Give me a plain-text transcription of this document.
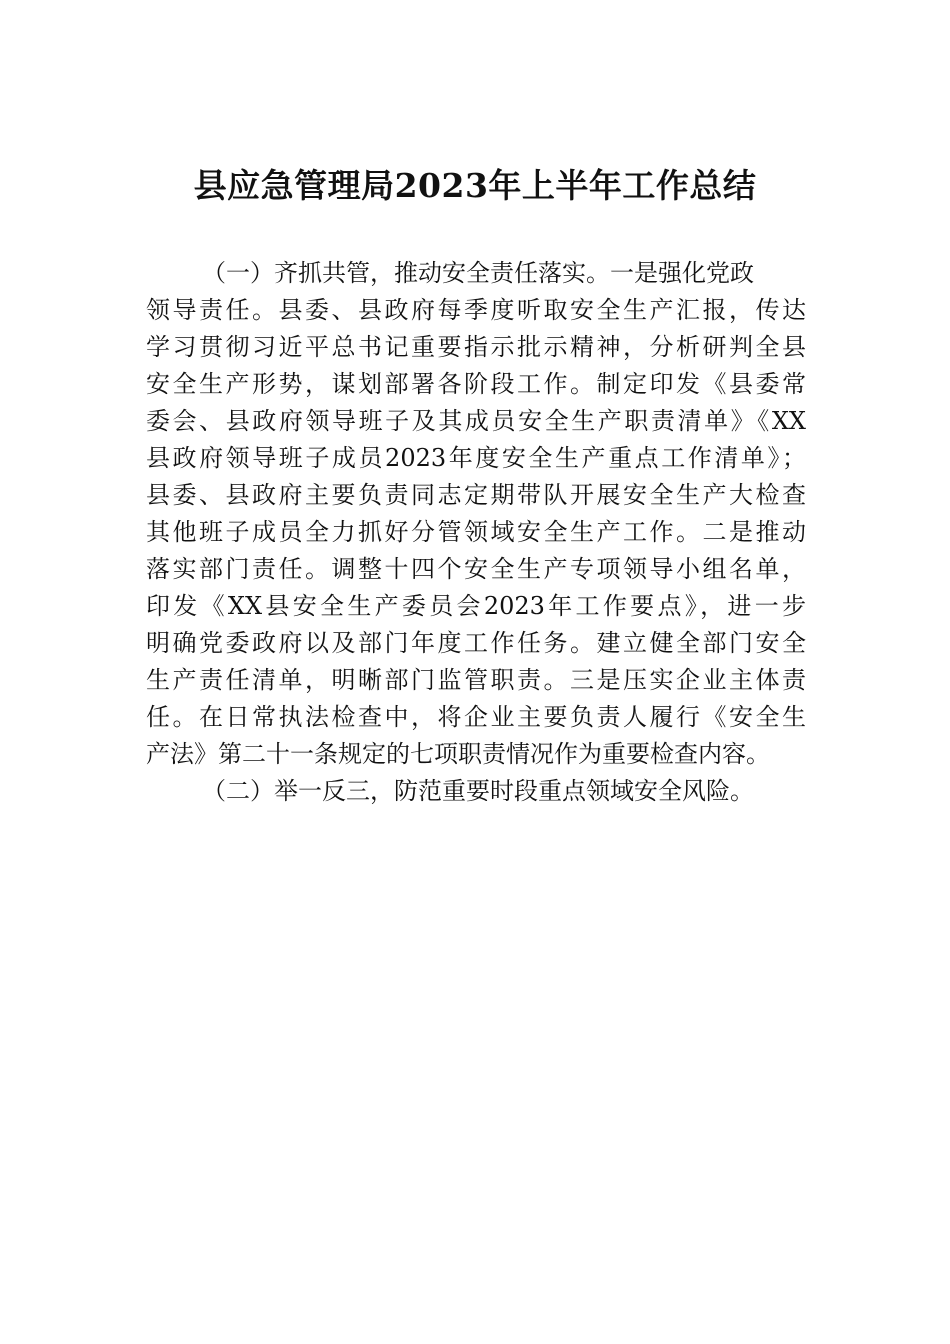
县应急管理局2023年上半年工作总结
（一）齐抓共管，推动安全责任落实。一是强化党政
领导责任。县委、县政府每季度听取安全生产汇报，传达
学习贯彻习近平总书记重要指示批示精神，分析研判全县
安全生产形势，谋划部署各阶段工作。制定印发《县委常
委会、县政府领导班子及其成员安全生产职责清单》《XX
县政府领导班子成员2023年度安全生产重点工作清单》；
县委、县政府主要负责同志定期带队开展安全生产大检查
其他班子成员全力抓好分管领域安全生产工作。二是推动
落实部门责任。调整十四个安全生产专项领导小组名单，
印发《XX县安全生产委员会2023年工作要点》，进一步
明确党委政府以及部门年度工作任务。建立健全部门安全
生产责任清单，明晰部门监管职责。三是压实企业主体责
任。在日常执法检查中，将企业主要负责人履行《安全生
产法》第二十一条规定的七项职责情况作为重要检查内容。
（二）举一反三，防范重要时段重点领域安全风险。
